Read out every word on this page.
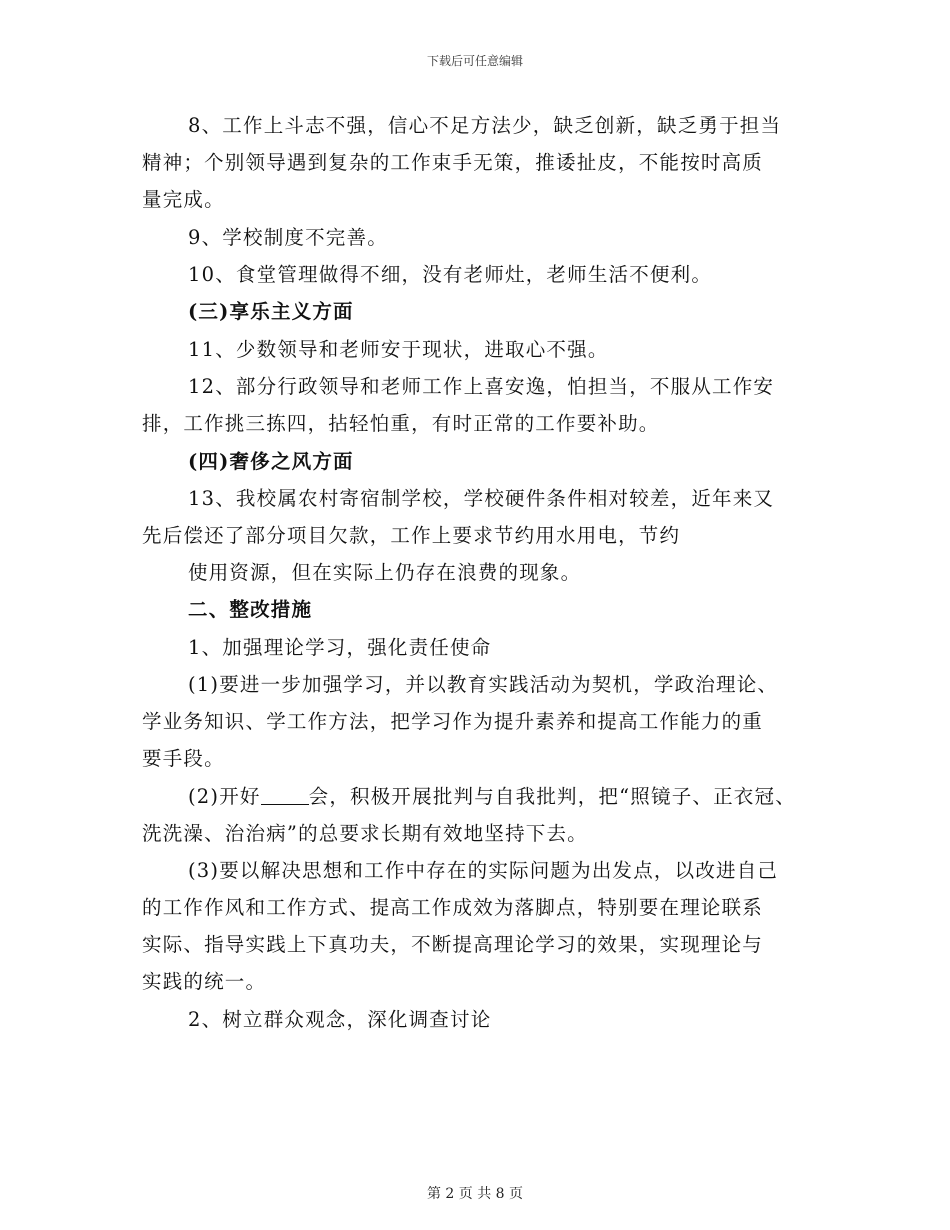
下载后可任意编辑
8、工作上斗志不强，信心不足方法少，缺乏创新，缺乏勇于担当
精神；个别领导遇到复杂的工作束手无策，推诿扯皮，不能按时高质
量完成。
9、学校制度不完善。
10、食堂管理做得不细，没有老师灶，老师生活不便利。
(三)享乐主义方面
11、少数领导和老师安于现状，进取心不强。
12、部分行政领导和老师工作上喜安逸，怕担当，不服从工作安
排，工作挑三拣四，拈轻怕重，有时正常的工作要补助。
(四)奢侈之风方面
13、我校属农村寄宿制学校，学校硬件条件相对较差，近年来又
先后偿还了部分项目欠款，工作上要求节约用水用电，节约
使用资源，但在实际上仍存在浪费的现象。
二、整改措施
1、加强理论学习，强化责任使命
(1)要进一步加强学习，并以教育实践活动为契机，学政治理论、
学业务知识、学工作方法，把学习作为提升素养和提高工作能力的重
要手段。
(2)开好 会，积极开展批判与自我批判，把“照镜子、正衣冠、
洗洗澡、治治病”的总要求长期有效地坚持下去。
(3)要以解决思想和工作中存在的实际问题为出发点，以改进自己
的工作作风和工作方式、提高工作成效为落脚点，特别要在理论联系
实际、指导实践上下真功夫，不断提高理论学习的效果，实现理论与
实践的统一。
2、树立群众观念，深化调查讨论
第 2 页 共 8 页
